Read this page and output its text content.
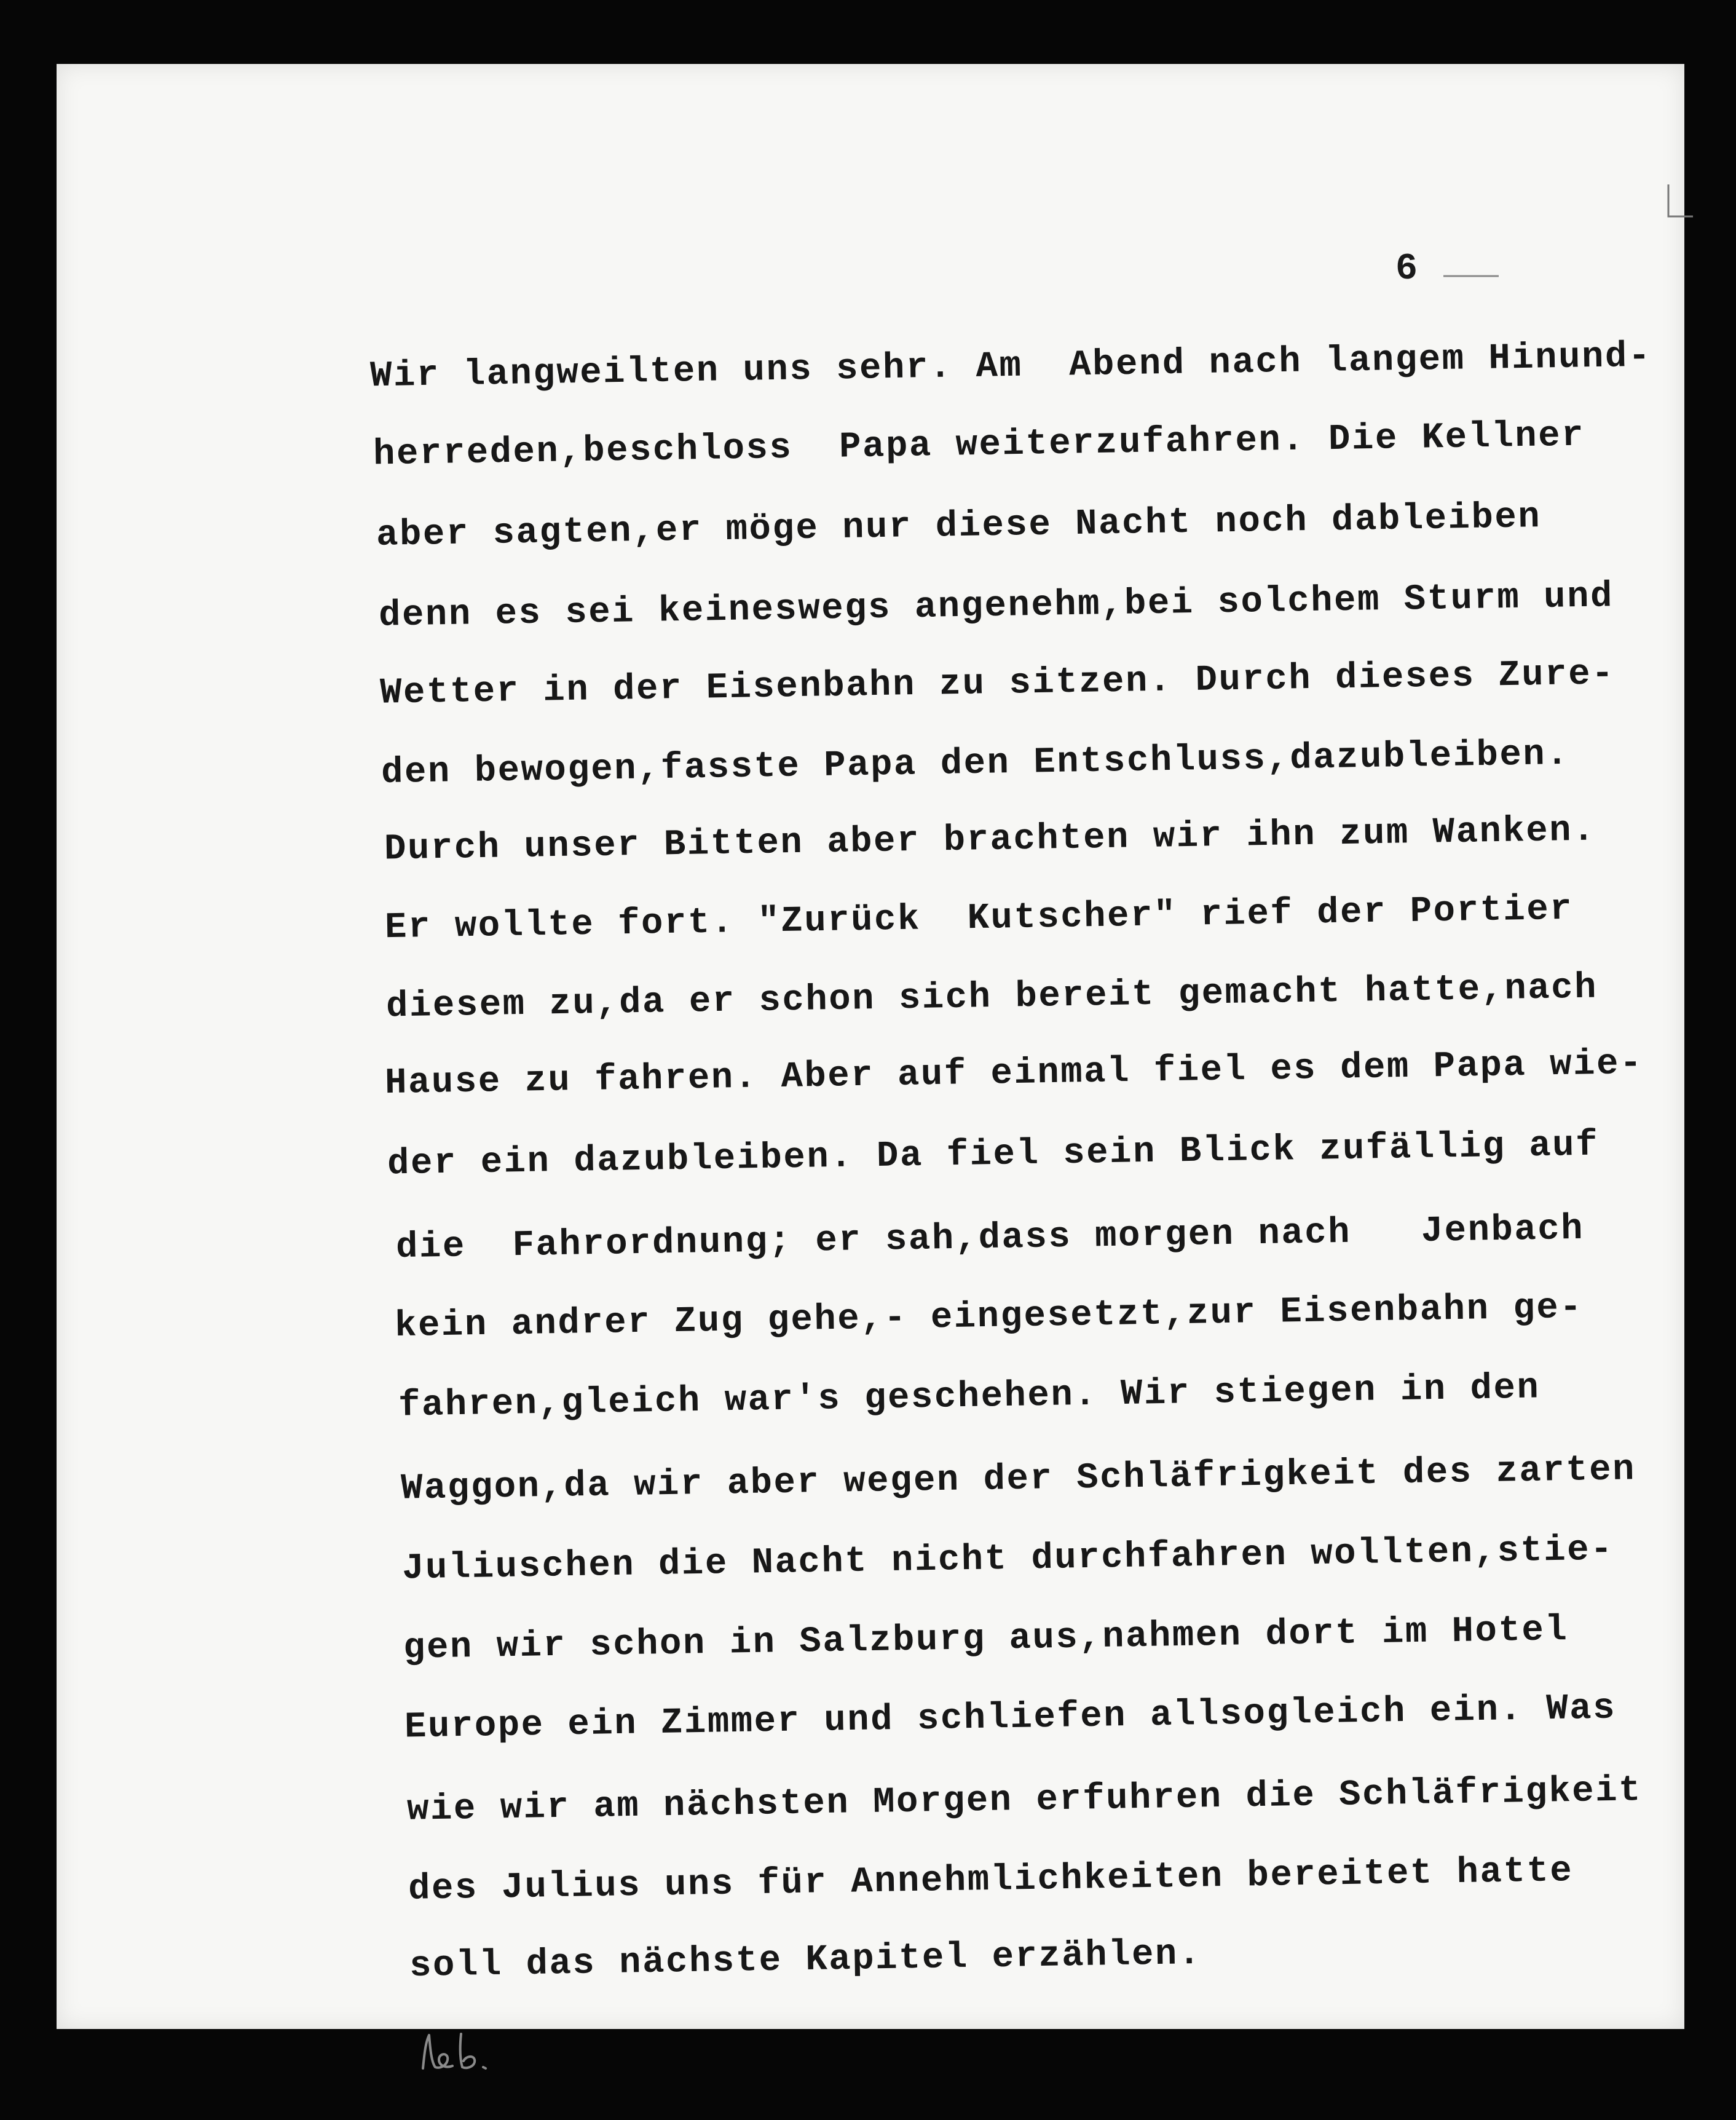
6
Wir langweilten uns sehr. Am  Abend nach langem Hinund-
herreden,beschloss  Papa weiterzufahren. Die Kellner
aber sagten,er möge nur diese Nacht noch dableiben
denn es sei keineswegs angenehm,bei solchem Sturm und
Wetter in der Eisenbahn zu sitzen. Durch dieses Zure-
den bewogen,fasste Papa den Entschluss,dazubleiben.
Durch unser Bitten aber brachten wir ihn zum Wanken.
Er wollte fort. "Zurück  Kutscher" rief der Portier
diesem zu,da er schon sich bereit gemacht hatte,nach
Hause zu fahren. Aber auf einmal fiel es dem Papa wie-
der ein dazubleiben. Da fiel sein Blick zufällig auf
die  Fahrordnung; er sah,dass morgen nach   Jenbach
kein andrer Zug gehe,- eingesetzt,zur Eisenbahn ge-
fahren,gleich war's geschehen. Wir stiegen in den
Waggon,da wir aber wegen der Schläfrigkeit des zarten
Juliuschen die Nacht nicht durchfahren wollten,stie-
gen wir schon in Salzburg aus,nahmen dort im Hotel
Europe ein Zimmer und schliefen allsogleich ein. Was
wie wir am nächsten Morgen erfuhren die Schläfrigkeit
des Julius uns für Annehmlichkeiten bereitet hatte
soll das nächste Kapitel erzählen.
